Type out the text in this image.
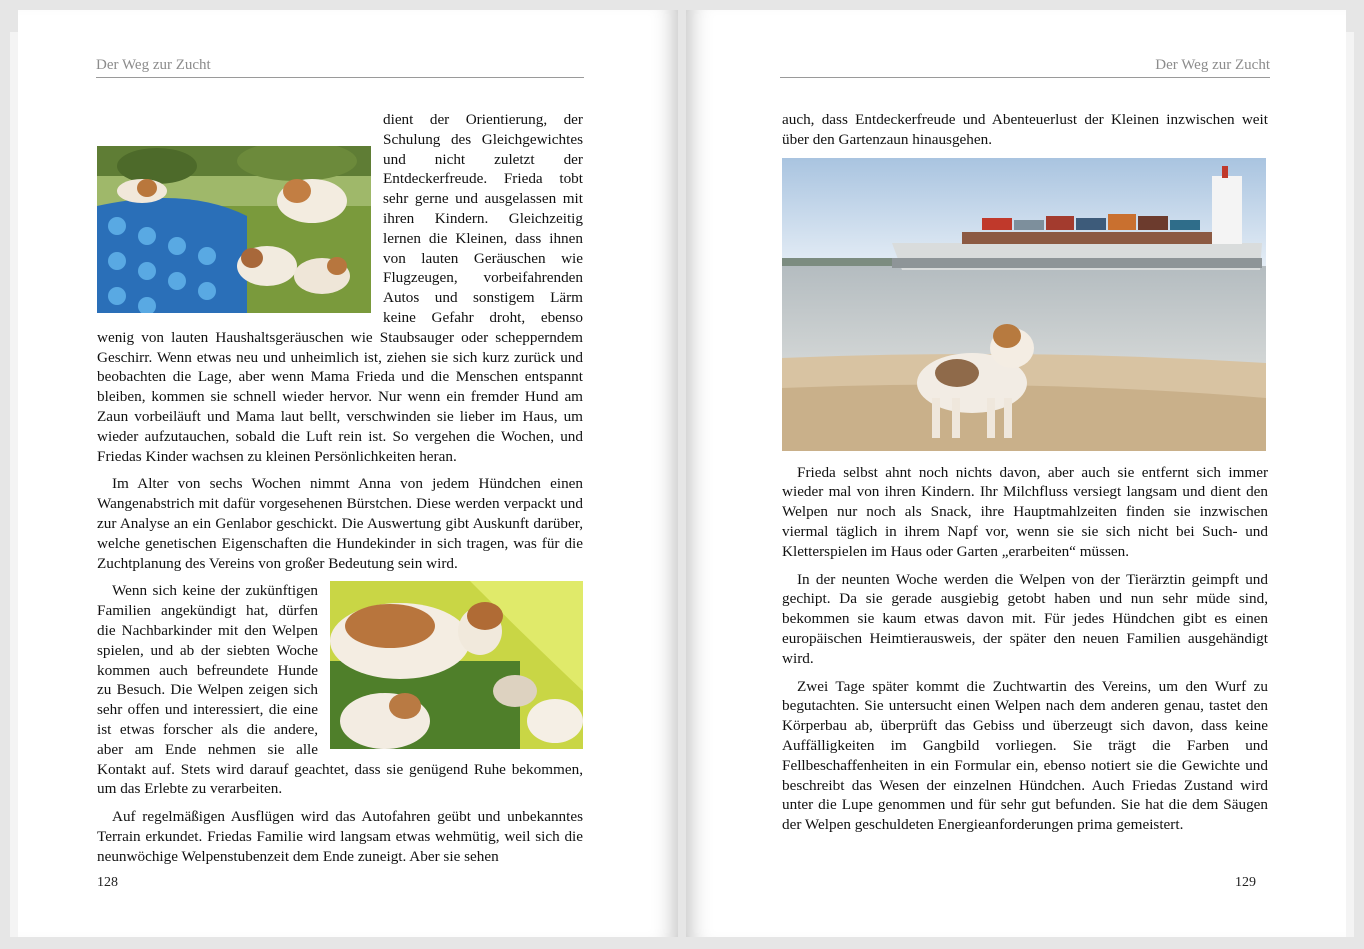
Der Weg zur Zucht

dient der Orientierung, der Schulung des Gleichgewichtes und nicht zuletzt der Entdeckerfreude. Frieda tobt sehr gerne und ausgelassen mit ihren Kindern. Gleichzeitig lernen die Kleinen, dass ihnen von lauten Geräuschen wie Flugzeugen, vorbeifahrenden Autos und sonstigem Lärm keine Gefahr droht, ebenso wenig von lauten Haushaltsgeräuschen wie Staubsauger oder schepperndem Geschirr. Wenn etwas neu und unheimlich ist, ziehen sie sich kurz zurück und beobachten die Lage, aber wenn Mama Frieda und die Menschen entspannt bleiben, kommen sie schnell wieder hervor. Nur wenn ein fremder Hund am Zaun vorbeiläuft und Mama laut bellt, verschwinden sie lieber im Haus, um wieder aufzutauchen, sobald die Luft rein ist. So vergehen die Wochen, und Friedas Kinder wachsen zu kleinen Persönlichkeiten heran.

Im Alter von sechs Wochen nimmt Anna von jedem Hündchen einen Wangenabstrich mit dafür vorgesehenen Bürstchen. Diese werden verpackt und zur Analyse an ein Genlabor geschickt. Die Auswertung gibt Auskunft darüber, welche genetischen Eigenschaften die Hundekinder in sich tragen, was für die Zuchtplanung des Vereins von großer Bedeutung sein wird.

Wenn sich keine der zukünftigen Familien angekündigt hat, dürfen die Nachbarkinder mit den Welpen spielen, und ab der siebten Woche kommen auch befreundete Hunde zu Besuch. Die Welpen zeigen sich sehr offen und interessiert, die eine ist etwas forscher als die andere, aber am Ende nehmen sie alle Kontakt auf. Stets wird darauf geachtet, dass sie genügend Ruhe bekommen, um das Erlebte zu verarbeiten.

Auf regelmäßigen Ausflügen wird das Autofahren geübt und unbekanntes Terrain erkundet. Friedas Familie wird langsam etwas wehmütig, weil sich die neunwöchige Welpenstubenzeit dem Ende zuneigt. Aber sie sehen

128
Der Weg zur Zucht

auch, dass Entdeckerfreude und Abenteuerlust der Kleinen inzwischen weit über den Gartenzaun hinausgehen.

Frieda selbst ahnt noch nichts davon, aber auch sie entfernt sich immer wieder mal von ihren Kindern. Ihr Milchfluss versiegt langsam und dient den Welpen nur noch als Snack, ihre Hauptmahlzeiten finden sie inzwischen viermal täglich in ihrem Napf vor, wenn sie sie sich nicht bei Such- und Kletterspielen im Haus oder Garten „erarbeiten“ müssen.

In der neunten Woche werden die Welpen von der Tierärztin geimpft und gechipt. Da sie gerade ausgiebig getobt haben und nun sehr müde sind, bekommen sie kaum etwas davon mit. Für jedes Hündchen gibt es einen europäischen Heimtierausweis, der später den neuen Familien ausgehändigt wird.

Zwei Tage später kommt die Zuchtwartin des Vereins, um den Wurf zu begutachten. Sie untersucht einen Welpen nach dem anderen genau, tastet den Körperbau ab, überprüft das Gebiss und überzeugt sich davon, dass keine Auffälligkeiten im Gangbild vorliegen. Sie trägt die Farben und Fellbeschaffenheiten in ein Formular ein, ebenso notiert sie die Gewichte und beschreibt das Wesen der einzelnen Hündchen. Auch Friedas Zustand wird unter die Lupe genommen und für sehr gut befunden. Sie hat die dem Säugen der Welpen geschuldeten Energieanforderungen prima gemeistert.

129
